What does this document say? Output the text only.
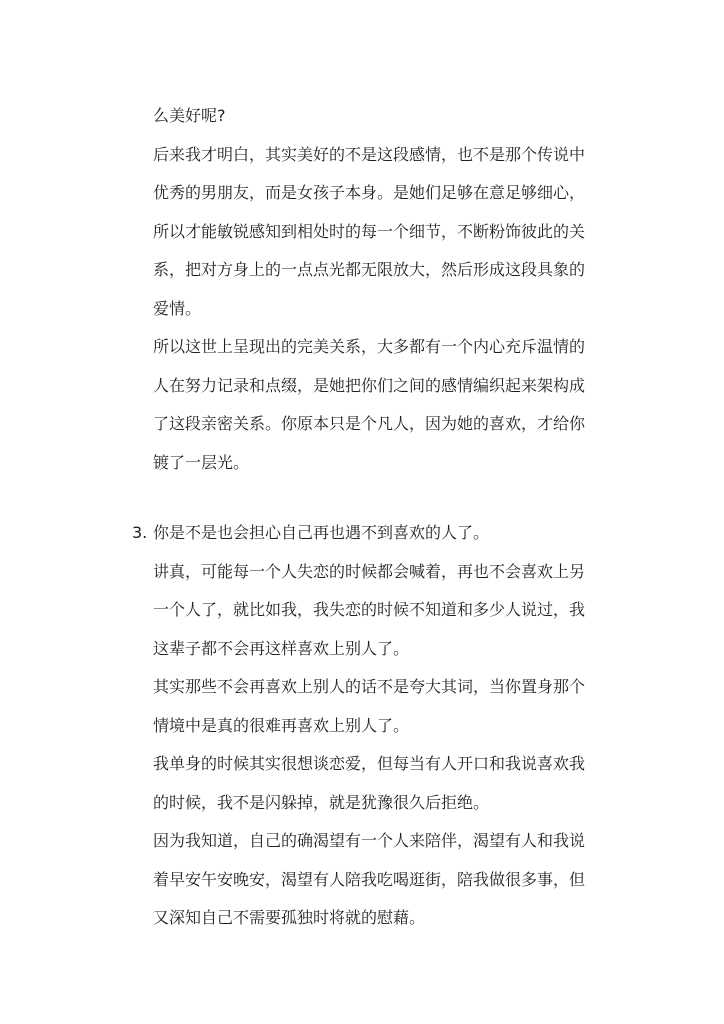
么美好呢?
后来我才明白，其实美好的不是这段感情，也不是那个传说中
优秀的男朋友，而是女孩子本身。是她们足够在意足够细心，
所以才能敏锐感知到相处时的每一个细节，不断粉饰彼此的关
系，把对方身上的一点点光都无限放大，然后形成这段具象的
爱情。
所以这世上呈现出的完美关系，大多都有一个内心充斥温情的
人在努力记录和点缀，是她把你们之间的感情编织起来架构成
了这段亲密关系。你原本只是个凡人，因为她的喜欢，才给你
镀了一层光。
3. 你是不是也会担心自己再也遇不到喜欢的人了。
讲真，可能每一个人失恋的时候都会喊着，再也不会喜欢上另
一个人了，就比如我，我失恋的时候不知道和多少人说过，我
这辈子都不会再这样喜欢上别人了。
其实那些不会再喜欢上别人的话不是夸大其词，当你置身那个
情境中是真的很难再喜欢上别人了。
我单身的时候其实很想谈恋爱，但每当有人开口和我说喜欢我
的时候，我不是闪躲掉，就是犹豫很久后拒绝。
因为我知道，自己的确渴望有一个人来陪伴，渴望有人和我说
着早安午安晚安，渴望有人陪我吃喝逛街，陪我做很多事，但
又深知自己不需要孤独时将就的慰藉。
